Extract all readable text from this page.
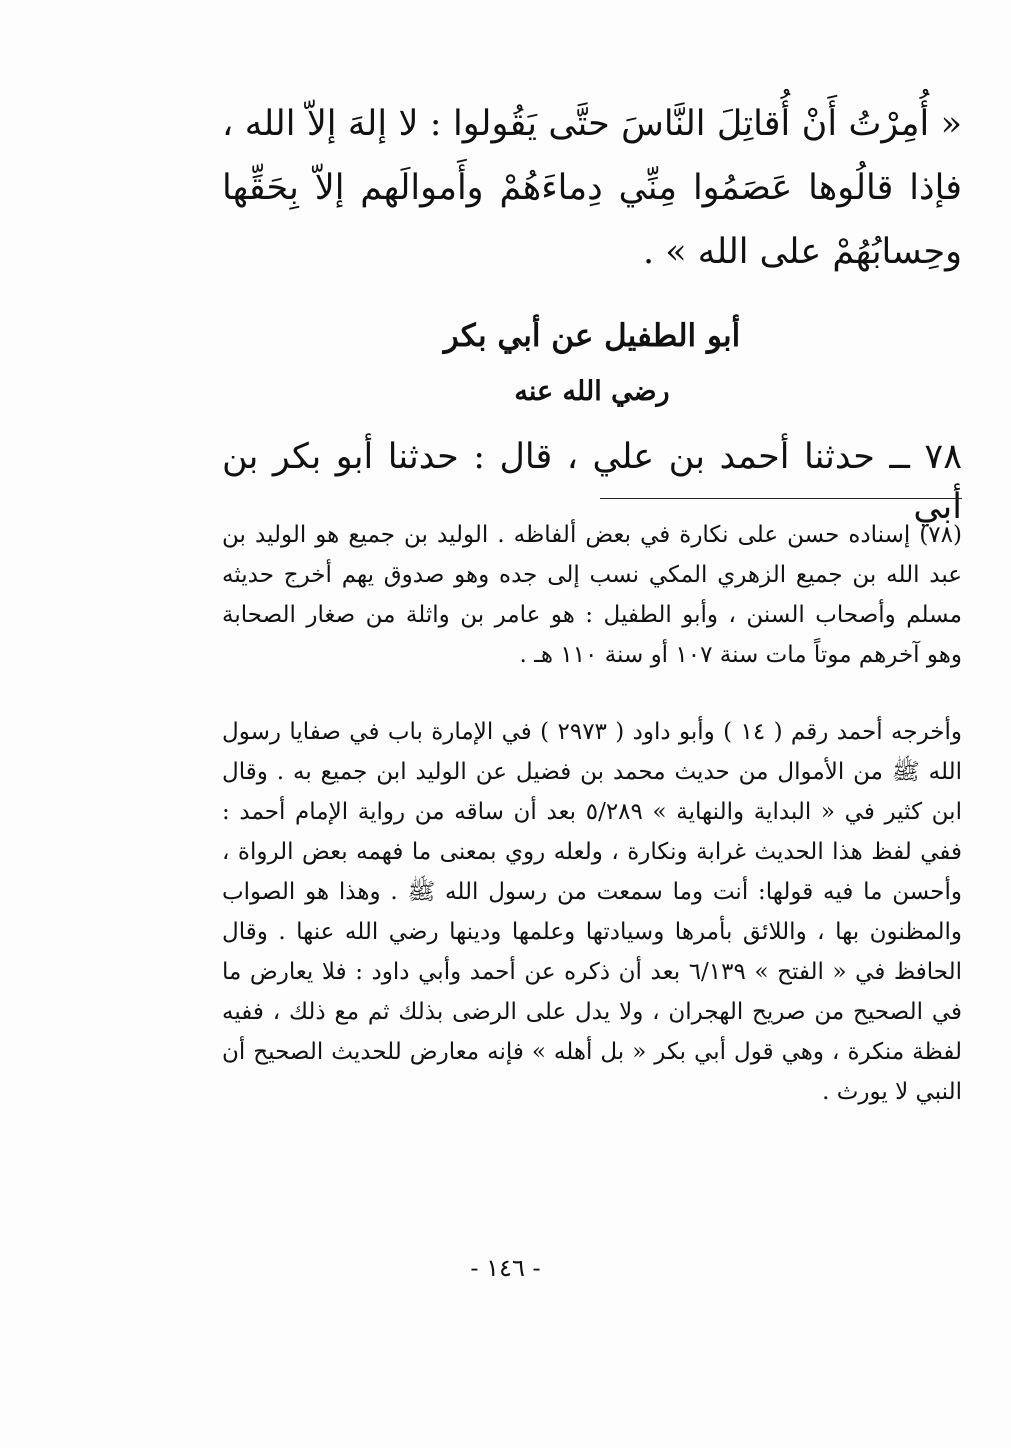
« أُمِرْتُ أَنْ أُقاتِلَ النَّاسَ حتَّى يَقُولوا : لا إلهَ إلاّ الله ، فإذا قالُوها عَصَمُوا مِنِّي دِماءَهُمْ وأَموالَهم إلاّ بِحَقِّها وحِسابُهُمْ على الله » .
أبو الطفيل عن أبي بكر
رضي الله عنه
٧٨ ــ حدثنا أحمد بن علي ، قال : حدثنا أبو بكر بن أبي
(٧٨) إسناده حسن على نكارة في بعض ألفاظه . الوليد بن جميع هو الوليد بن عبد الله بن جميع الزهري المكي نسب إلى جده وهو صدوق يهم أخرج حديثه مسلم وأصحاب السنن ، وأبو الطفيل : هو عامر بن واثلة من صغار الصحابة وهو آخرهم موتاً مات سنة ١٠٧ أو سنة ١١٠ هـ .
وأخرجه أحمد رقم ( ١٤ ) وأبو داود ( ٢٩٧٣ ) في الإمارة باب في صفايا رسول الله ﷺ من الأموال من حديث محمد بن فضيل عن الوليد ابن جميع به . وقال ابن كثير في « البداية والنهاية » ٥/٢٨٩ بعد أن ساقه من رواية الإمام أحمد : ففي لفظ هذا الحديث غرابة ونكارة ، ولعله روي بمعنى ما فهمه بعض الرواة ، وأحسن ما فيه قولها: أنت وما سمعت من رسول الله ﷺ . وهذا هو الصواب والمظنون بها ، واللائق بأمرها وسيادتها وعلمها ودينها رضي الله عنها . وقال الحافظ في « الفتح » ٦/١٣٩ بعد أن ذكره عن أحمد وأبي داود : فلا يعارض ما في الصحيح من صريح الهجران ، ولا يدل على الرضى بذلك ثم مع ذلك ، ففيه لفظة منكرة ، وهي قول أبي بكر « بل أهله » فإنه معارض للحديث الصحيح أن النبي لا يورث .
- ١٤٦ -
